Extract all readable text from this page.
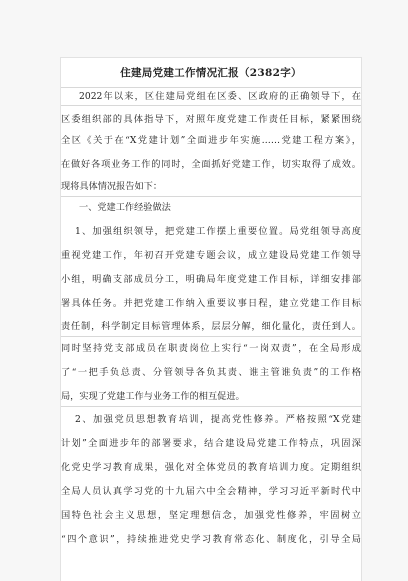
住建局党建工作情况汇报（2382字）
2022年以来，区住建局党组在区委、区政府的正确领导下，在
区委组织部的具体指导下，对照年度党建工作责任目标，紧紧围绕
全区《关于在“X党建计划”全面进步年实施……党建工程方案》，
在做好各项业务工作的同时，全面抓好党建工作，切实取得了成效。
现将具体情况报告如下：
一、党建工作经验做法
1、加强组织领导，把党建工作摆上重要位置。局党组领导高度
重视党建工作，年初召开党建专题会议，成立建设局党建工作领导
小组，明确支部成员分工，明确局年度党建工作目标，详细安排部
署具体任务。并把党建工作纳入重要议事日程，建立党建工作目标
责任制，科学制定目标管理体系，层层分解，细化量化，责任到人。
同时坚持党支部成员在职责岗位上实行“一岗双责”，在全局形成
了“一把手负总责、分管领导各负其责、谁主管谁负责”的工作格
局，实现了党建工作与业务工作的相互促进。
2、加强党员思想教育培训，提高党性修养。严格按照“X党建
计划”全面进步年的部署要求，结合建设局党建工作特点，巩固深
化党史学习教育成果，强化对全体党员的教育培训力度。定期组织
全局人员认真学习党的十九届六中全会精神，学习习近平新时代中
国特色社会主义思想，坚定理想信念，加强党性修养，牢固树立
“四个意识”，持续推进党史学习教育常态化、制度化，引导全局
